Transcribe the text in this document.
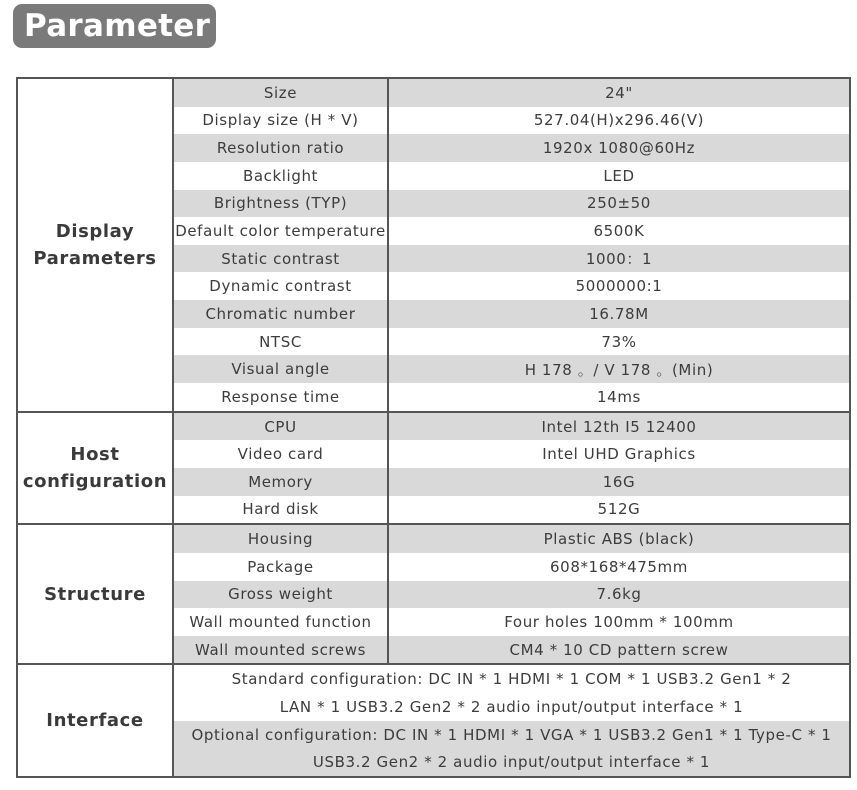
Parameter
Display
Parameters	Size	24"
	Display size (H * V)	527.04(H)x296.46(V)
	Resolution ratio	1920x 1080@60Hz
	Backlight	LED
	Brightness (TYP)	250±50
	Default color temperature	6500K
	Static contrast	1000：1
	Dynamic contrast	5000000:1
	Chromatic number	16.78M
	NTSC	73%
	Visual angle	H 178 。/ V 178 。(Min)
	Response time	14ms
Host
configuration	CPU	Intel 12th I5 12400
	Video card	Intel UHD Graphics
	Memory	16G
	Hard disk	512G
Structure	Housing	Plastic ABS (black)
	Package	608*168*475mm
	Gross weight	7.6kg
	Wall mounted function	Four holes 100mm * 100mm
	Wall mounted screws	CM4 * 10 CD pattern screw
Interface	Standard configuration: DC IN * 1 HDMI * 1 COM * 1 USB3.2 Gen1 * 2	
	LAN * 1 USB3.2 Gen2 * 2 audio input/output interface * 1	
	Optional configuration: DC IN * 1 HDMI * 1 VGA * 1 USB3.2 Gen1 * 1 Type-C * 1	
	USB3.2 Gen2 * 2 audio input/output interface * 1	
